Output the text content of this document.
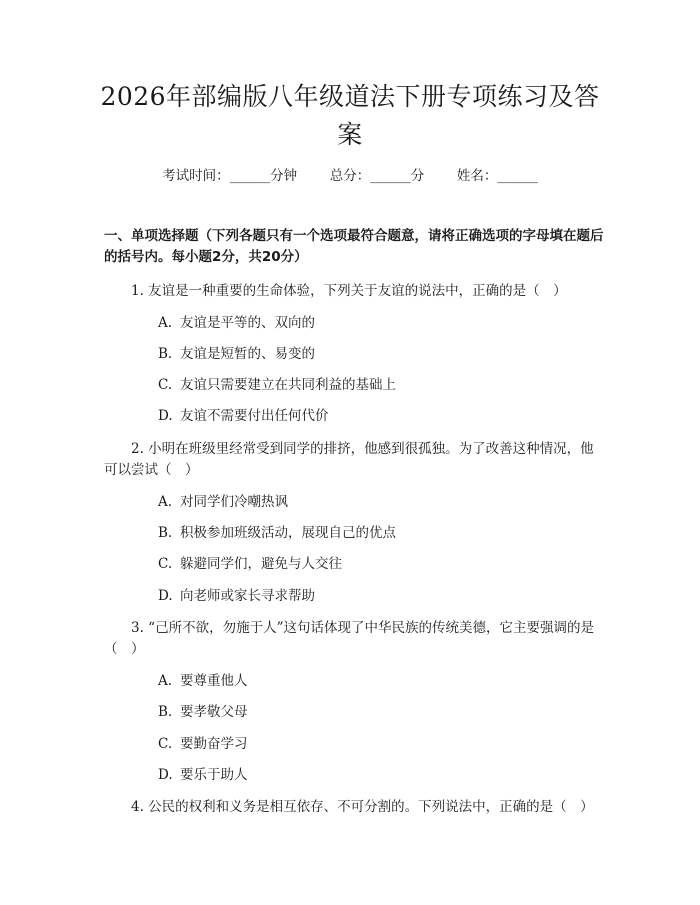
2026年部编版八年级道法下册专项练习及答案
考试时间：______分钟 总分：______分 姓名：______
一、单项选择题（下列各题只有一个选项最符合题意，请将正确选项的字母填在题后的括号内。每小题2分，共20分）
1. 友谊是一种重要的生命体验，下列关于友谊的说法中，正确的是（　）
A. 友谊是平等的、双向的
B. 友谊是短暂的、易变的
C. 友谊只需要建立在共同利益的基础上
D. 友谊不需要付出任何代价
2. 小明在班级里经常受到同学的排挤，他感到很孤独。为了改善这种情况，他可以尝试（　）
A. 对同学们冷嘲热讽
B. 积极参加班级活动，展现自己的优点
C. 躲避同学们，避免与人交往
D. 向老师或家长寻求帮助
3. “己所不欲，勿施于人”这句话体现了中华民族的传统美德，它主要强调的是（　）
A. 要尊重他人
B. 要孝敬父母
C. 要勤奋学习
D. 要乐于助人
4. 公民的权利和义务是相互依存、不可分割的。下列说法中，正确的是（　）
